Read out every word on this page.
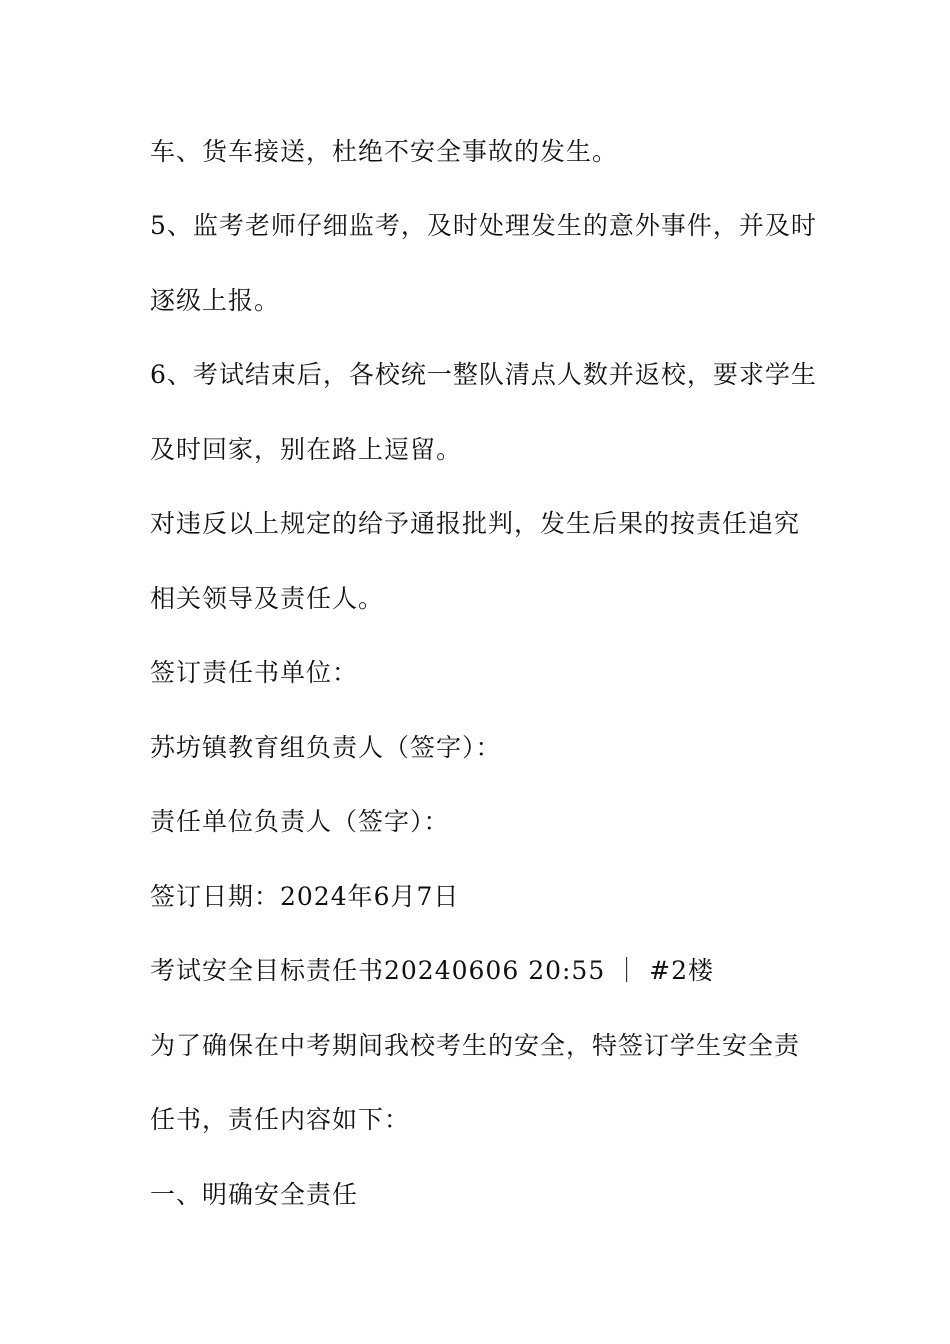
车、货车接送，杜绝不安全事故的发生。
5、监考老师仔细监考，及时处理发生的意外事件，并及时
逐级上报。
6、考试结束后，各校统一整队清点人数并返校，要求学生
及时回家，别在路上逗留。
对违反以上规定的给予通报批判，发生后果的按责任追究
相关领导及责任人。
签订责任书单位：
苏坊镇教育组负责人（签字）：
责任单位负责人（签字）：
签订日期：2024年6月7日
考试安全目标责任书20240606 20:55 ｜ #2楼
为了确保在中考期间我校考生的安全，特签订学生安全责
任书，责任内容如下：
一、明确安全责任
